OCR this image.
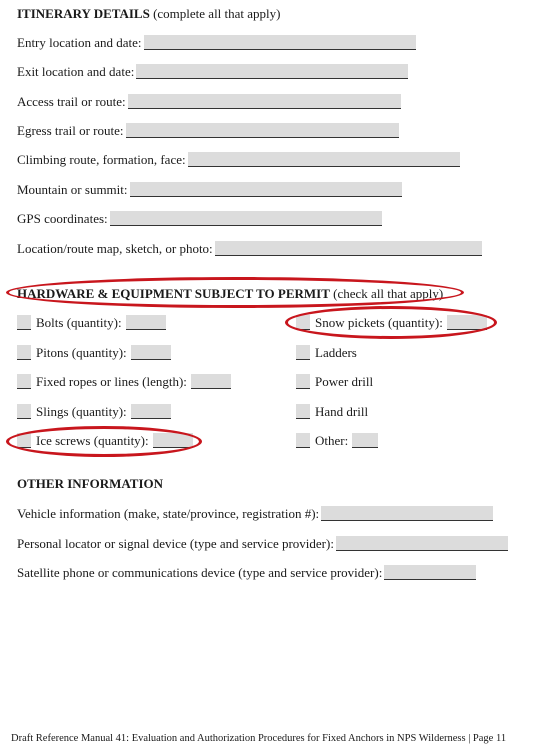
ITINERARY DETAILS (complete all that apply)
Entry location and date:
Exit location and date:
Access trail or route:
Egress trail or route:
Climbing route, formation, face:
Mountain or summit:
GPS coordinates:
Location/route map, sketch, or photo:
HARDWARE & EQUIPMENT SUBJECT TO PERMIT (check all that apply)
Bolts (quantity):
Pitons (quantity):
Fixed ropes or lines (length):
Slings (quantity):
Ice screws (quantity):
Snow pickets (quantity):
Ladders
Power drill
Hand drill
Other:
OTHER INFORMATION
Vehicle information (make, state/province, registration #):
Personal locator or signal device (type and service provider):
Satellite phone or communications device (type and service provider):
Draft Reference Manual 41: Evaluation and Authorization Procedures for Fixed Anchors in NPS Wilderness | Page 11
